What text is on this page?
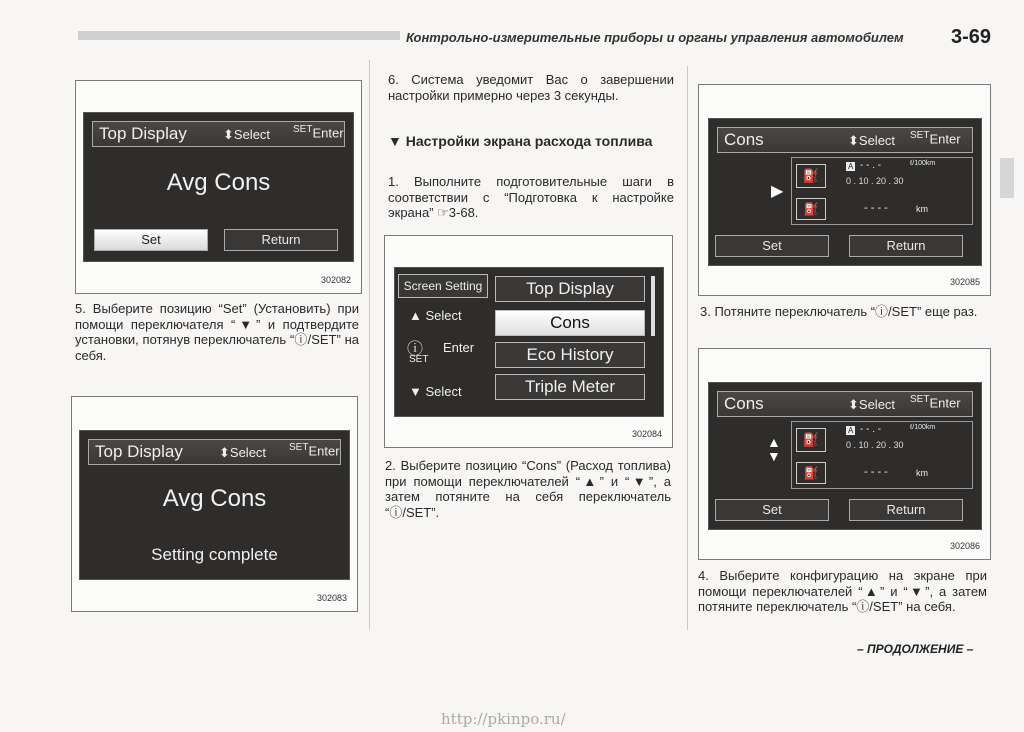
Контрольно-измерительные приборы и органы управления автомобилем 3-69
Top Display	⬍Select $^{SET}$Enter
Avg Cons
Set	Return
302082
5. Выберите позицию “Set” (Установить) при помощи переключателя “▼” и подтвердите установки, потянув переключатель “ⓘ/SET” на себя.
Top Display	⬍Select $^{SET}$Enter
Avg Cons
Setting complete
302083
6. Система уведомит Вас о завершении настройки примерно через 3 секунды.
▼ Настройки экрана расхода топлива
1. Выполните подготовительные шаги в соответствии с “Подготовка к настройке экрана” ☞3-68.
Screen Setting
▲ Select
ⓘ
SET
Enter
▼ Select
Top Display
Cons
Eco History
Triple Meter
302084
2. Выберите позицию “Cons” (Расход топлива) при помощи переключателей “▲” и “▼”, а затем потяните на себя переключатель “ⓘ/SET”.
Cons	⬍Select $^{SET}$Enter
▶
⛽
A - - . -	ℓ/100km
0 . 10 . 20 . 30
⛽	- - - -	km
Set	Return
302085
3. Потяните переключатель “ⓘ/SET” еще раз.
Cons	⬍Select $^{SET}$Enter
▲
▼
⛽
A - - . -	ℓ/100km
0 . 10 . 20 . 30
⛽	- - - -	km
Set	Return
302086
4. Выберите конфигурацию на экране при помощи переключателей “▲” и “▼”, а затем потяните переключатель “ⓘ/SET” на себя.
– ПРОДОЛЖЕНИЕ –
http://pkinpo.ru/
